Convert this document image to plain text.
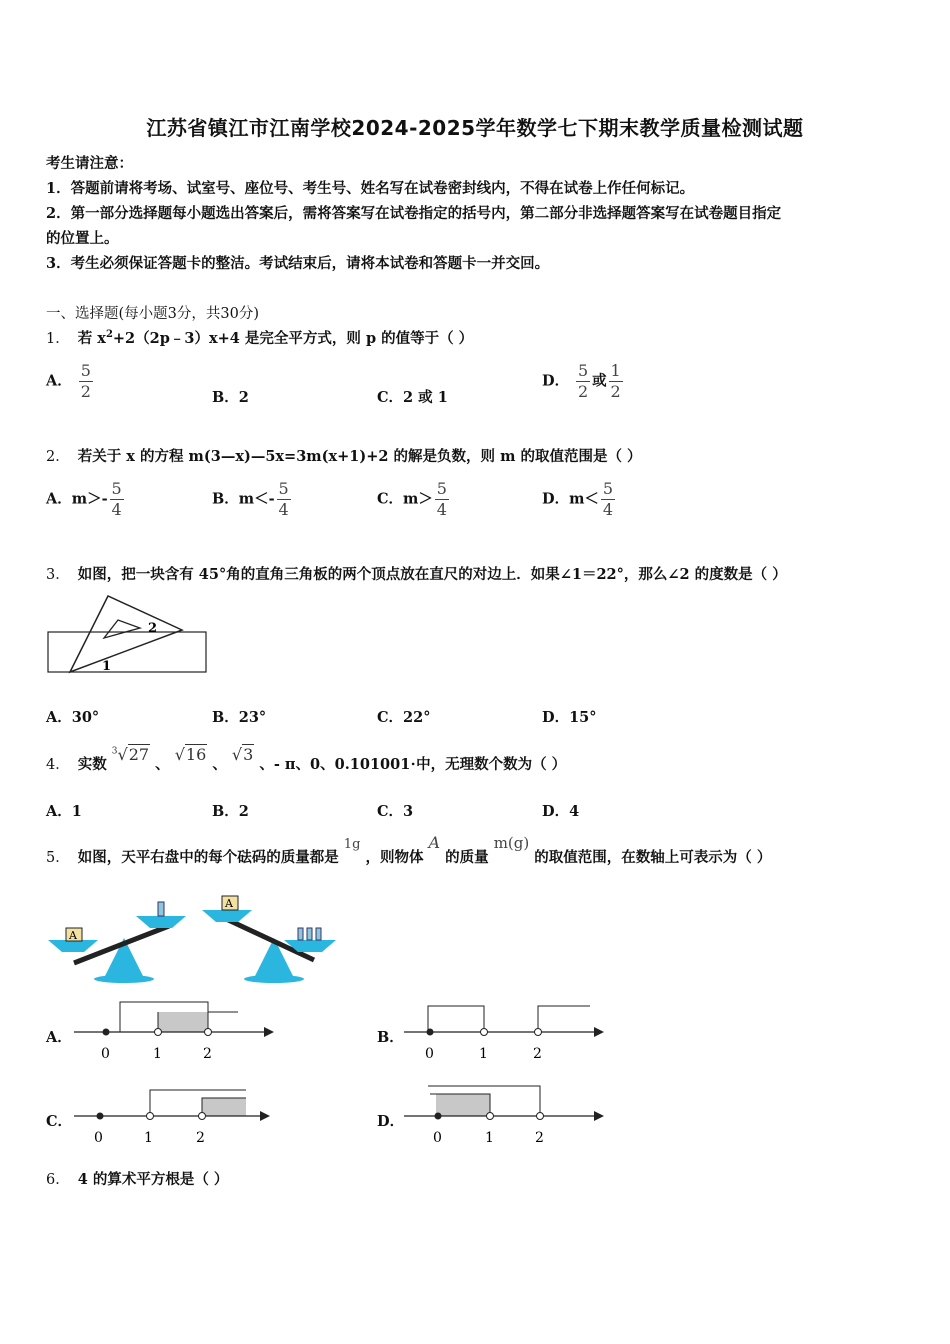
江苏省镇江市江南学校2024-2025学年数学七下期末教学质量检测试题
考生请注意：
1．答题前请将考场、试室号、座位号、考生号、姓名写在试卷密封线内，不得在试卷上作任何标记。
2．第一部分选择题每小题选出答案后，需将答案写在试卷指定的括号内，第二部分非选择题答案写在试卷题目指定
的位置上。
3．考生必须保证答题卡的整洁。考试结束后，请将本试卷和答题卡一并交回。
一、选择题(每小题3分，共30分)
1． 若 $x^2+2(2p﹣3)x+4$ 是完全平方式，则 p 的值等于（ ）
A． $\frac{5}{2}$	B．2	C．2 或 1
D． $\frac{5}{2}$ 或 $\frac{1}{2}$
2． 若关于 x 的方程 m(3—x)—5x=3m(x+1)+2 的解是负数，则 m 的取值范围是（ ）
A．$m>- \frac{5}{4}$	B．$m<- \frac{5}{4}$	C．$m> \frac{5}{4}$	D．$m< \frac{5}{4}$
3． 如图，把一块含有 45°角的直角三角板的两个顶点放在直尺的对边上．如果∠1＝22°，那么∠2 的度数是（ ）
2
1
A．30°	B．23°	C．22°	D．15°
4． 实数 $^3$√27 、 √16 、 √3 、- π、0、0.101001⋅中，无理数个数为（ ）
A．1	B．2	C．3	D．4
5． 如图，天平右盘中的每个砝码的质量都是 1g ，则物体 A 的质量 m(g) 的取值范围，在数轴上可表示为（ ）
A
A
A．
0	1	2
B．
0	1	2
C．
0	1	2
D．
0	1	2
6． 4 的算术平方根是（ ）
